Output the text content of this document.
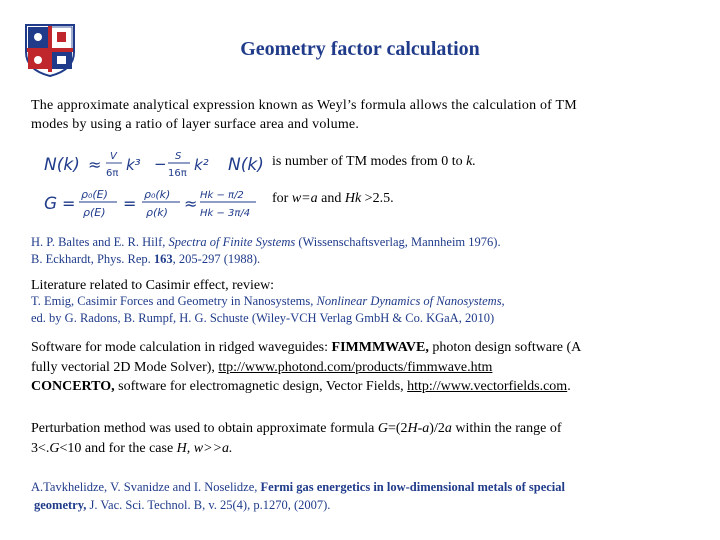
Geometry factor calculation
The approximate analytical expression known as Weyl’s formula allows the calculation of TM
modes by using a ratio of layer surface area and volume.
N(k) ≈ V
6π k³ − S
16π k² N(k) is number of TM modes from 0 to k.
G = ρ₀(E)
ρ(E) = ρ₀(k)
ρ(k) ≈ Hk − π/2
Hk − 3π/4
for w=a and Hk >2.5.
H. P. Baltes and E. R. Hilf, Spectra of Finite Systems (Wissenschaftsverlag, Mannheim 1976).
B. Eckhardt, Phys. Rep. 163, 205-297 (1988).
Literature related to Casimir effect, review:
T. Emig, Casimir Forces and Geometry in Nanosystems, Nonlinear Dynamics of Nanosystems,
ed. by G. Radons, B. Rumpf, H. G. Schuste (Wiley-VCH Verlag GmbH & Co. KGaA, 2010)
Software for mode calculation in ridged waveguides: FIMMMWAVE, photon design software (A
fully vectorial 2D Mode Solver), ttp://www.photond.com/products/fimmwave.htm
CONCERTO, software for electromagnetic design, Vector Fields, http://www.vectorfields.com.
Perturbation method was used to obtain approximate formula G=(2H-a)/2a within the range of
3<.G<10 and for the case H, w>>a.
A.Tavkhelidze, V. Svanidze and I. Noselidze, Fermi gas energetics in low-dimensional metals of special
geometry, J. Vac. Sci. Technol. B, v. 25(4), p.1270, (2007).
